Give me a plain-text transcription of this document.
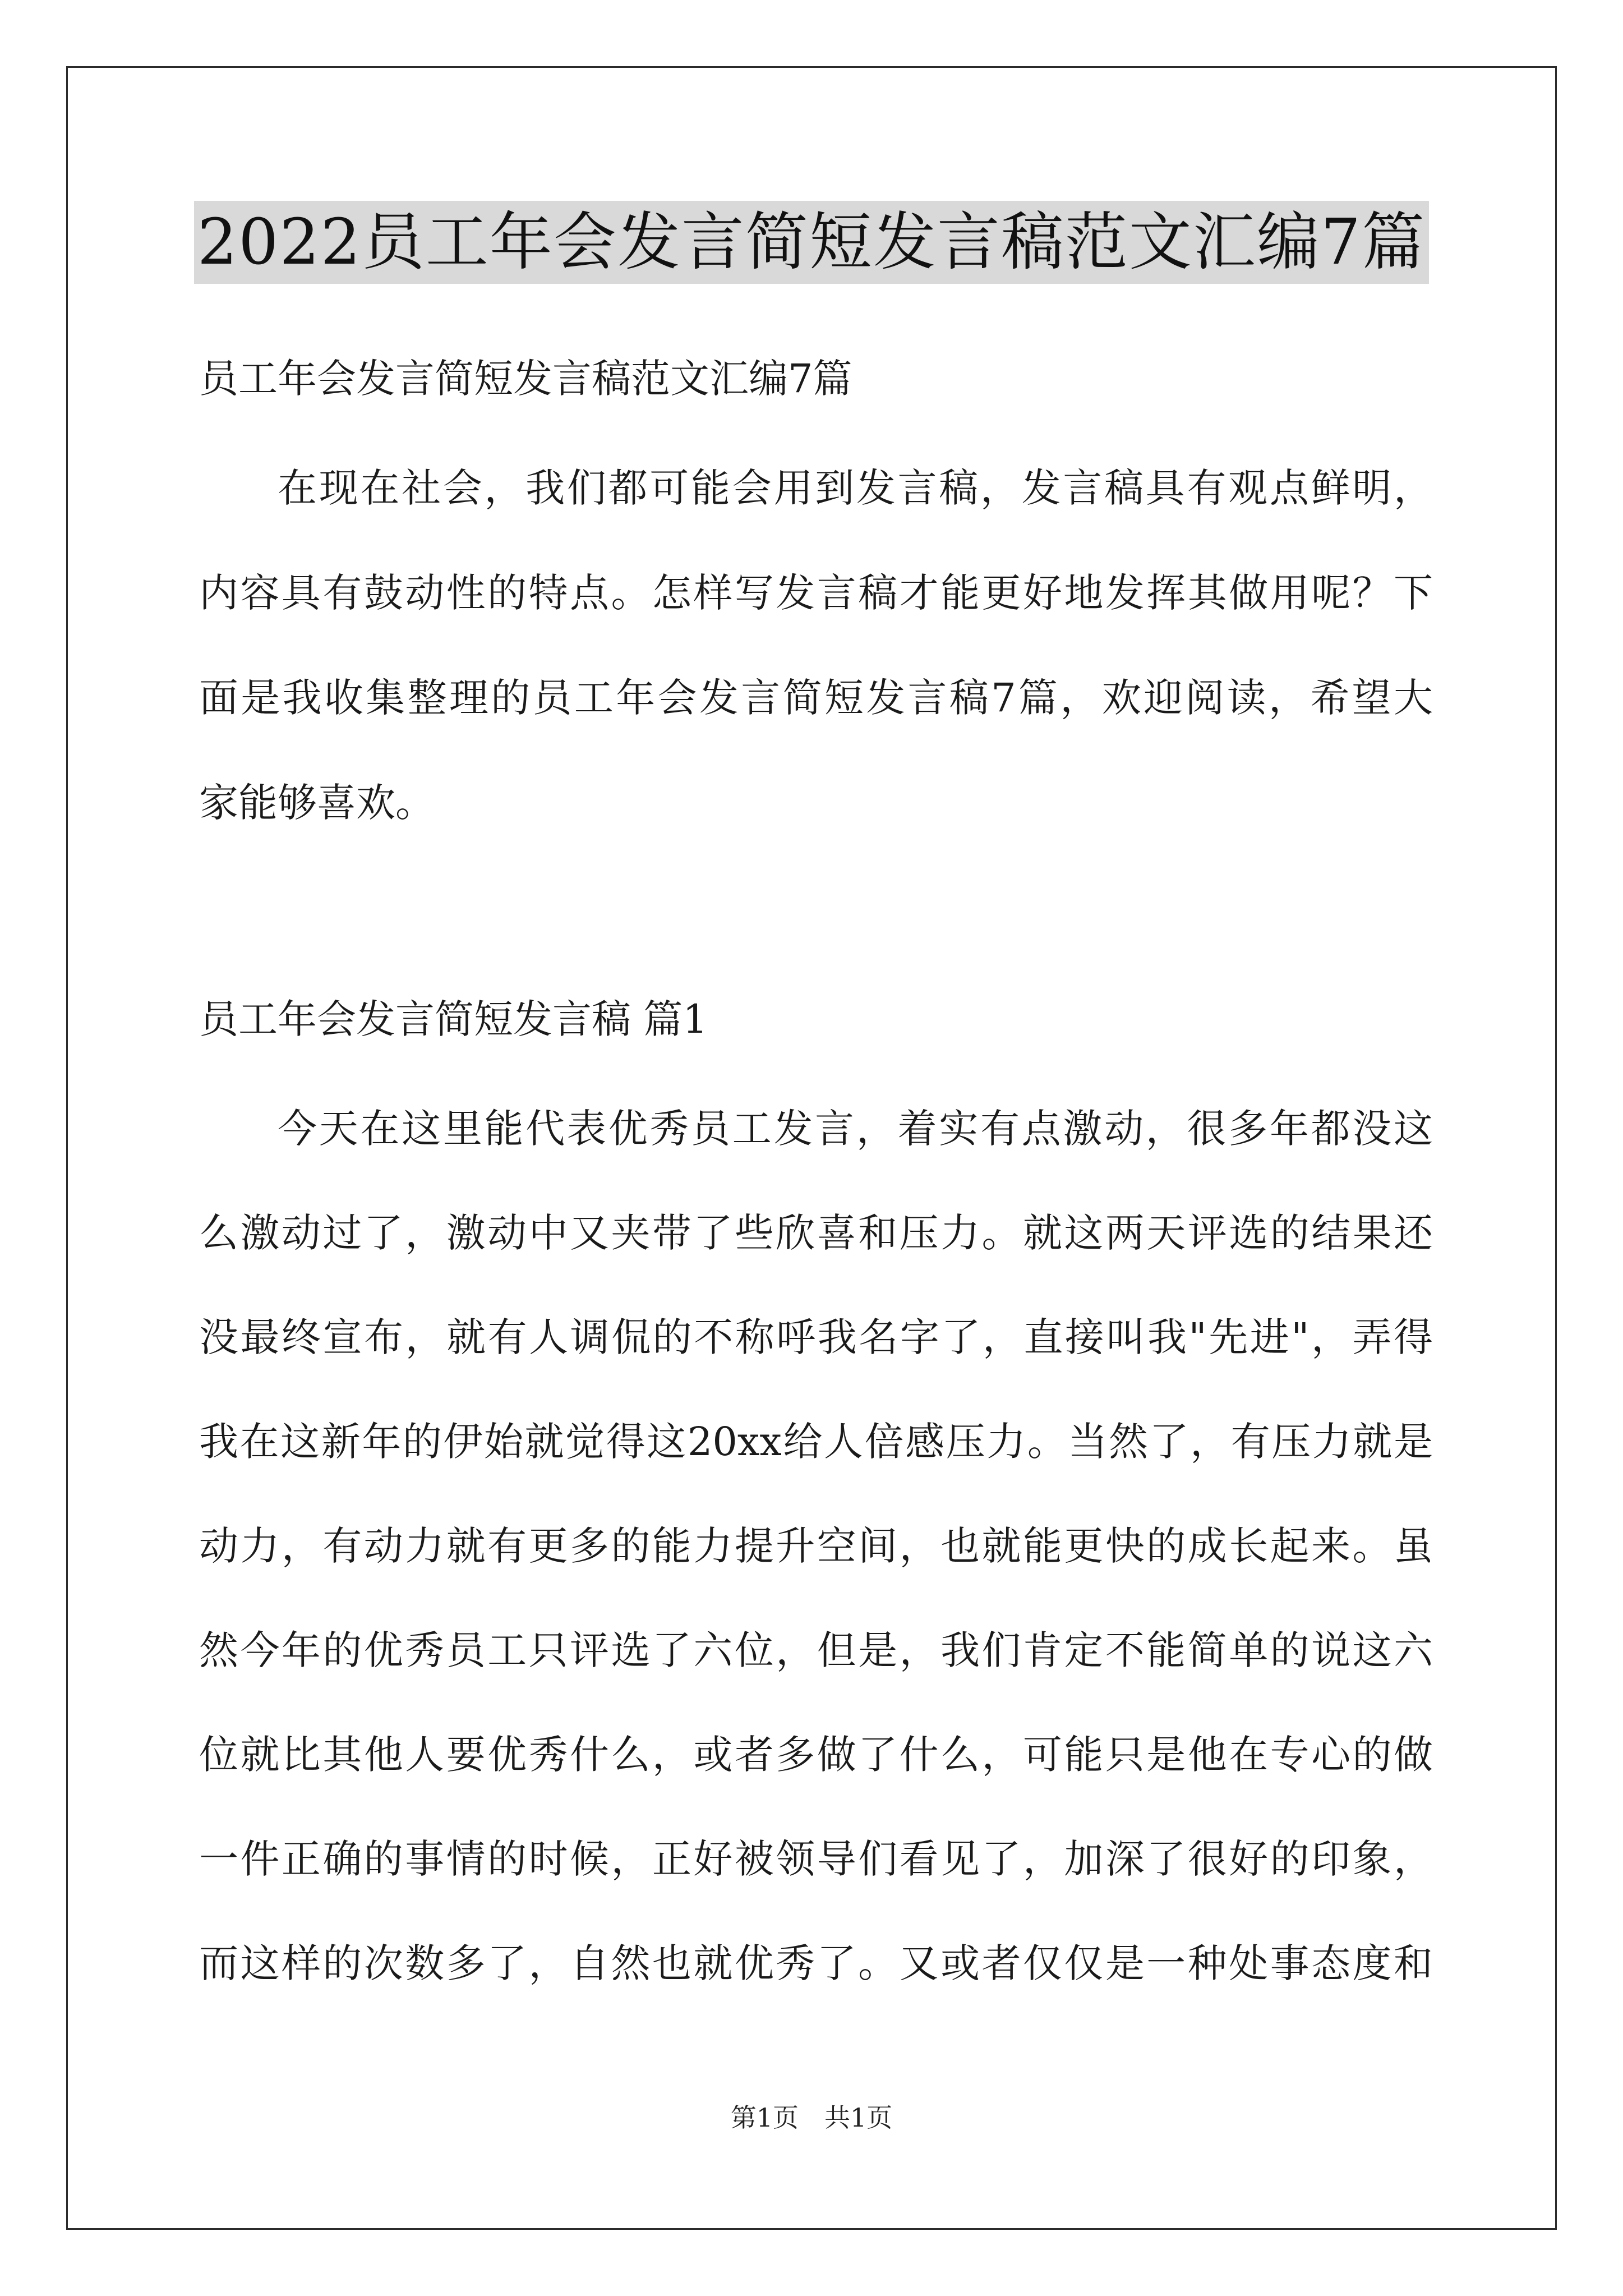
2022员工年会发言简短发言稿范文汇编7篇
员工年会发言简短发言稿范文汇编7篇
在现在社会，我们都可能会用到发言稿，发言稿具有观点鲜明，
内容具有鼓动性的特点。怎样写发言稿才能更好地发挥其做用呢？下
面是我收集整理的员工年会发言简短发言稿7篇，欢迎阅读，希望大
家能够喜欢。
员工年会发言简短发言稿 篇1
今天在这里能代表优秀员工发言，着实有点激动，很多年都没这
么激动过了，激动中又夹带了些欣喜和压力。就这两天评选的结果还
没最终宣布，就有人调侃的不称呼我名字了，直接叫我"先进"，弄得
我在这新年的伊始就觉得这20xx给人倍感压力。当然了，有压力就是
动力，有动力就有更多的能力提升空间，也就能更快的成长起来。虽
然今年的优秀员工只评选了六位，但是，我们肯定不能简单的说这六
位就比其他人要优秀什么，或者多做了什么，可能只是他在专心的做
一件正确的事情的时候，正好被领导们看见了，加深了很好的印象，
而这样的次数多了，自然也就优秀了。又或者仅仅是一种处事态度和
第1页　共1页
